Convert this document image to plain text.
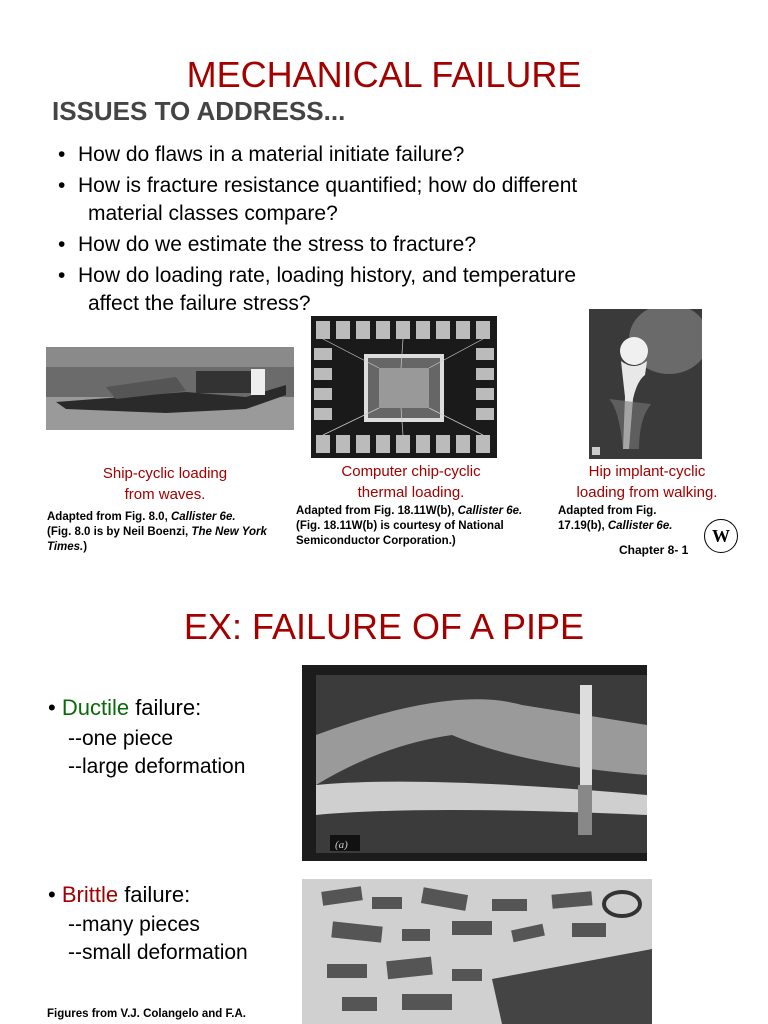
MECHANICAL FAILURE
ISSUES TO ADDRESS...
• How do flaws in a material initiate failure?
• How is fracture resistance quantified; how do different
material classes compare?
• How do we estimate the stress to fracture?
• How do loading rate, loading history, and temperature
affect the failure stress?
Ship-cyclic loading
from waves.
Computer chip-cyclic
thermal loading.
Hip implant-cyclic
loading from walking.
Adapted from Fig. 8.0, Callister 6e.
(Fig. 8.0 is by Neil Boenzi, The New York Times.)
Adapted from Fig. 18.11W(b), Callister 6e. (Fig. 18.11W(b) is courtesy of National Semiconductor Corporation.)
Adapted from Fig. 17.19(b), Callister 6e.
Chapter 8- 1
W
EX: FAILURE OF A PIPE
• Ductile failure:
--one piece
--large deformation
(a)
• Brittle failure:
--many pieces
--small deformation
Figures from V.J. Colangelo and F.A.
